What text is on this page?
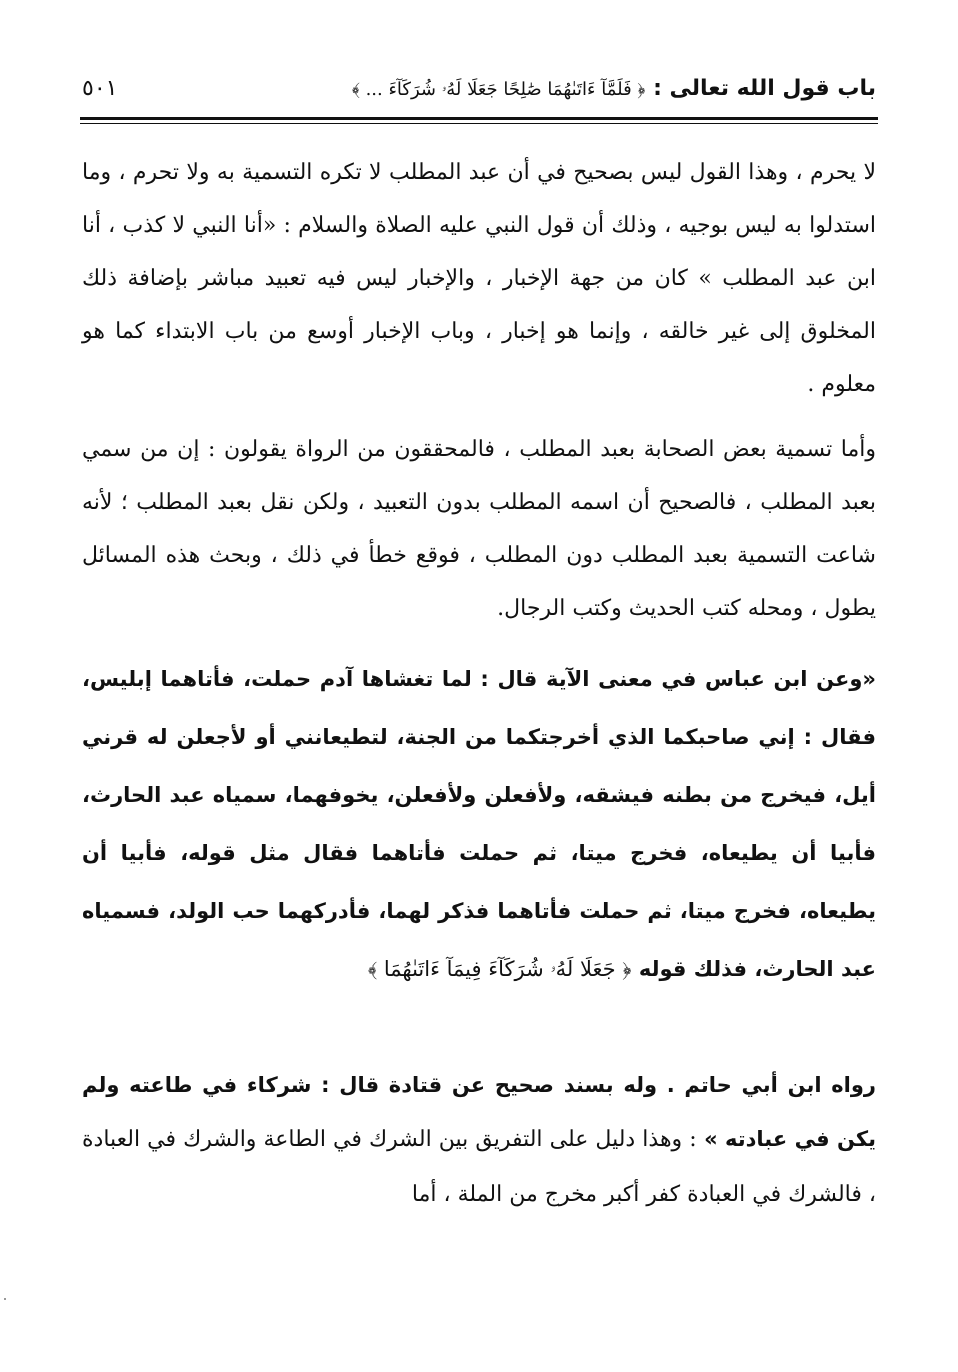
باب قول الله تعالى : ﴿ فَلَمَّآ ءَاتَىٰهُمَا صَٰلِحًا جَعَلَا لَهُۥ شُرَكَآءَ ... ﴾
٥٠١

لا يحرم ، وهذا القول ليس بصحيح في أن عبد المطلب لا تكره التسمية به ولا تحرم ، وما استدلوا به ليس بوجيه ، وذلك أن قول النبي عليه الصلاة والسلام : «أنا النبي لا كذب ، أنا ابن عبد المطلب » كان من جهة الإخبار ، والإخبار ليس فيه تعبيد مباشر بإضافة ذلك المخلوق إلى غير خالقه ، وإنما هو إخبار ، وباب الإخبار أوسع من باب الابتداء كما هو معلوم .

وأما تسمية بعض الصحابة بعبد المطلب ، فالمحققون من الرواة يقولون : إن من سمي بعبد المطلب ، فالصحيح أن اسمه المطلب بدون التعبيد ، ولكن نقل بعبد المطلب ؛ لأنه شاعت التسمية بعبد المطلب دون المطلب ، فوقع خطأ في ذلك ، وبحث هذه المسائل يطول ، ومحله كتب الحديث وكتب الرجال.

«وعن ابن عباس في معنى الآية قال : لما تغشاها آدم حملت، فأتاهما إبليس، فقال : إني صاحبكما الذي أخرجتكما من الجنة، لتطيعانني أو لأجعلن له قرني أيل، فيخرج من بطنه فيشقه، ولأفعلن ولأفعلن، يخوفهما، سمياه عبد الحارث، فأبيا أن يطيعاه، فخرج ميتا، ثم حملت فأتاهما فقال مثل قوله، فأبيا أن يطيعاه، فخرج ميتا، ثم حملت فأتاهما فذكر لهما، فأدركهما حب الولد، فسمياه عبد الحارث، فذلك قوله ﴿ جَعَلَا لَهُۥ شُرَكَآءَ فِيمَآ ءَاتَىٰهُمَا ﴾

رواه ابن أبي حاتم . وله بسند صحيح عن قتادة قال : شركاء في طاعته ولم يكن في عبادته » : وهذا دليل على التفريق بين الشرك في الطاعة والشرك في العبادة ، فالشرك في العبادة كفر أكبر مخرج من الملة ، أما
